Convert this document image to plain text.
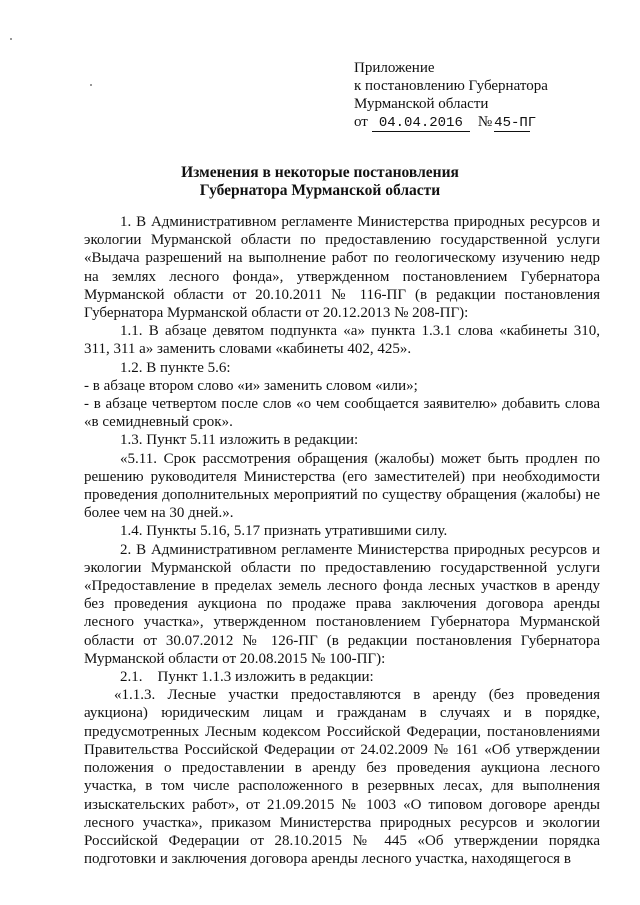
Приложение
к постановлению Губернатора
Мурманской области
от 04.04.2016 № 45-ПГ
Изменения в некоторые постановления
Губернатора Мурманской области

1. В Административном регламенте Министерства природных ресурсов и экологии Мурманской области по предоставлению государственной услуги «Выдача разрешений на выполнение работ по геологическому изучению недр на землях лесного фонда», утвержденном постановлением Губернатора Мурманской области от 20.10.2011 № 116-ПГ (в редакции постановления Губернатора Мурманской области от 20.12.2013 № 208-ПГ):

1.1. В абзаце девятом подпункта «а» пункта 1.3.1 слова «кабинеты 310, 311, 311 а» заменить словами «кабинеты 402, 425».

1.2. В пункте 5.6:

- в абзаце втором слово «и» заменить словом «или»;

- в абзаце четвертом после слов «о чем сообщается заявителю» добавить слова «в семидневный срок».

1.3. Пункт 5.11 изложить в редакции:

«5.11. Срок рассмотрения обращения (жалобы) может быть продлен по решению руководителя Министерства (его заместителей) при необходимости проведения дополнительных мероприятий по существу обращения (жалобы) не более чем на 30 дней.».

1.4. Пункты 5.16, 5.17 признать утратившими силу.

2. В Административном регламенте Министерства природных ресурсов и экологии Мурманской области по предоставлению государственной услуги «Предоставление в пределах земель лесного фонда лесных участков в аренду без проведения аукциона по продаже права заключения договора аренды лесного участка», утвержденном постановлением Губернатора Мурманской области от 30.07.2012 № 126-ПГ (в редакции постановления Губернатора Мурманской области от 20.08.2015 № 100-ПГ):

2.1.    Пункт 1.1.3 изложить в редакции:

«1.1.3. Лесные участки предоставляются в аренду (без проведения аукциона) юридическим лицам и гражданам в случаях и в порядке, предусмотренных Лесным кодексом Российской Федерации, постановлениями Правительства Российской Федерации от 24.02.2009 № 161 «Об утверждении положения о предоставлении в аренду без проведения аукциона лесного участка, в том числе расположенного в резервных лесах, для выполнения изыскательских работ», от 21.09.2015 № 1003 «О типовом договоре аренды лесного участка», приказом Министерства природных ресурсов и экологии Российской Федерации от 28.10.2015 № 445 «Об утверждении порядка подготовки и заключения договора аренды лесного участка, находящегося в
